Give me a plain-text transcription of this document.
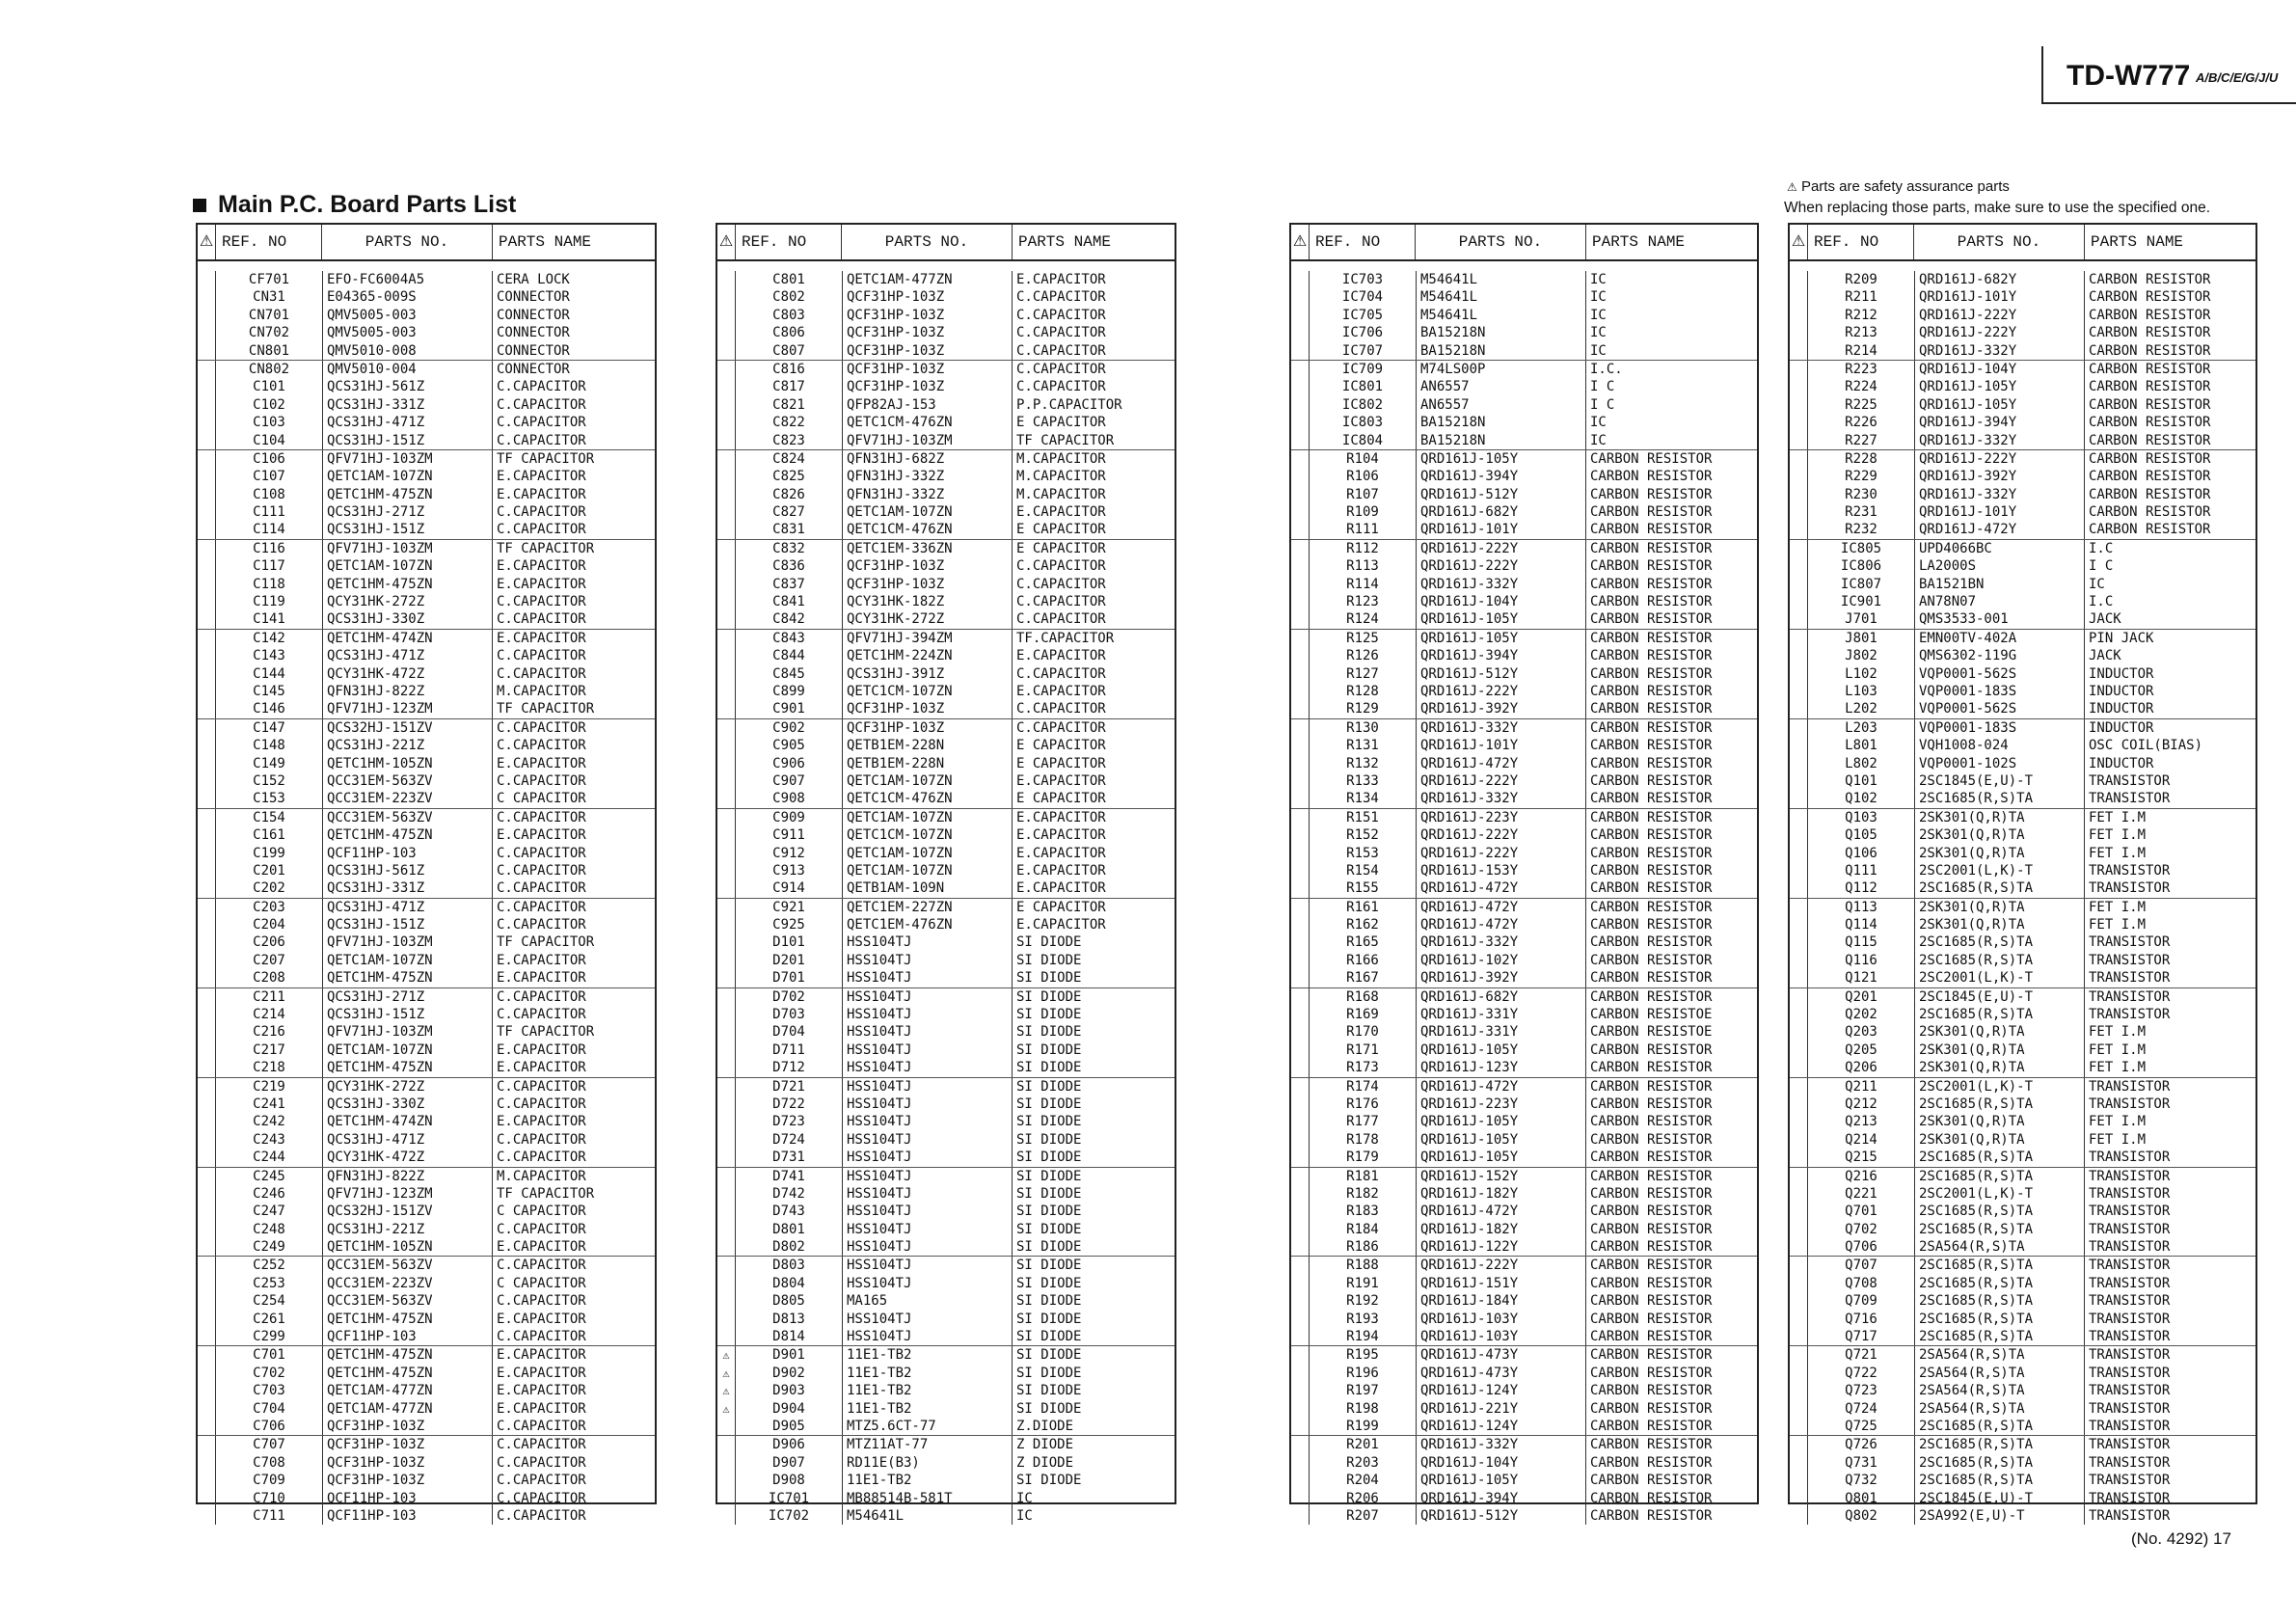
TD-W777 A/B/C/E/G/J/U
Main P.C. Board Parts List
⚠ Parts are safety assurance parts
When replacing those parts, make sure to use the specified one.
⚠ REF. NO	PARTS NO.	PARTS NAME
CF701	EFO-FC6004A5	CERA LOCK
CN31	E04365-009S	CONNECTOR
CN701	QMV5005-003	CONNECTOR
CN702	QMV5005-003	CONNECTOR
CN801	QMV5010-008	CONNECTOR
CN802	QMV5010-004	CONNECTOR
C101	QCS31HJ-561Z	C.CAPACITOR
C102	QCS31HJ-331Z	C.CAPACITOR
C103	QCS31HJ-471Z	C.CAPACITOR
C104	QCS31HJ-151Z	C.CAPACITOR
C106	QFV71HJ-103ZM	TF CAPACITOR
C107	QETC1AM-107ZN	E.CAPACITOR
C108	QETC1HM-475ZN	E.CAPACITOR
C111	QCS31HJ-271Z	C.CAPACITOR
C114	QCS31HJ-151Z	C.CAPACITOR
C116	QFV71HJ-103ZM	TF CAPACITOR
C117	QETC1AM-107ZN	E.CAPACITOR
C118	QETC1HM-475ZN	E.CAPACITOR
C119	QCY31HK-272Z	C.CAPACITOR
C141	QCS31HJ-330Z	C.CAPACITOR
C142	QETC1HM-474ZN	E.CAPACITOR
C143	QCS31HJ-471Z	C.CAPACITOR
C144	QCY31HK-472Z	C.CAPACITOR
C145	QFN31HJ-822Z	M.CAPACITOR
C146	QFV71HJ-123ZM	TF CAPACITOR
C147	QCS32HJ-151ZV	C.CAPACITOR
C148	QCS31HJ-221Z	C.CAPACITOR
C149	QETC1HM-105ZN	E.CAPACITOR
C152	QCC31EM-563ZV	C.CAPACITOR
C153	QCC31EM-223ZV	C CAPACITOR
C154	QCC31EM-563ZV	C.CAPACITOR
C161	QETC1HM-475ZN	E.CAPACITOR
C199	QCF11HP-103	C.CAPACITOR
C201	QCS31HJ-561Z	C.CAPACITOR
C202	QCS31HJ-331Z	C.CAPACITOR
C203	QCS31HJ-471Z	C.CAPACITOR
C204	QCS31HJ-151Z	C.CAPACITOR
C206	QFV71HJ-103ZM	TF CAPACITOR
C207	QETC1AM-107ZN	E.CAPACITOR
C208	QETC1HM-475ZN	E.CAPACITOR
C211	QCS31HJ-271Z	C.CAPACITOR
C214	QCS31HJ-151Z	C.CAPACITOR
C216	QFV71HJ-103ZM	TF CAPACITOR
C217	QETC1AM-107ZN	E.CAPACITOR
C218	QETC1HM-475ZN	E.CAPACITOR
C219	QCY31HK-272Z	C.CAPACITOR
C241	QCS31HJ-330Z	C.CAPACITOR
C242	QETC1HM-474ZN	E.CAPACITOR
C243	QCS31HJ-471Z	C.CAPACITOR
C244	QCY31HK-472Z	C.CAPACITOR
C245	QFN31HJ-822Z	M.CAPACITOR
C246	QFV71HJ-123ZM	TF CAPACITOR
C247	QCS32HJ-151ZV	C CAPACITOR
C248	QCS31HJ-221Z	C.CAPACITOR
C249	QETC1HM-105ZN	E.CAPACITOR
C252	QCC31EM-563ZV	C.CAPACITOR
C253	QCC31EM-223ZV	C CAPACITOR
C254	QCC31EM-563ZV	C.CAPACITOR
C261	QETC1HM-475ZN	E.CAPACITOR
C299	QCF11HP-103	C.CAPACITOR
C701	QETC1HM-475ZN	E.CAPACITOR
C702	QETC1HM-475ZN	E.CAPACITOR
C703	QETC1AM-477ZN	E.CAPACITOR
C704	QETC1AM-477ZN	E.CAPACITOR
C706	QCF31HP-103Z	C.CAPACITOR
C707	QCF31HP-103Z	C.CAPACITOR
C708	QCF31HP-103Z	C.CAPACITOR
C709	QCF31HP-103Z	C.CAPACITOR
C710	QCF11HP-103	C.CAPACITOR
C711	QCF11HP-103	C.CAPACITOR
⚠ REF. NO	PARTS NO.	PARTS NAME
C801	QETC1AM-477ZN	E.CAPACITOR
C802	QCF31HP-103Z	C.CAPACITOR
C803	QCF31HP-103Z	C.CAPACITOR
C806	QCF31HP-103Z	C.CAPACITOR
C807	QCF31HP-103Z	C.CAPACITOR
C816	QCF31HP-103Z	C.CAPACITOR
C817	QCF31HP-103Z	C.CAPACITOR
C821	QFP82AJ-153	P.P.CAPACITOR
C822	QETC1CM-476ZN	E CAPACITOR
C823	QFV71HJ-103ZM	TF CAPACITOR
C824	QFN31HJ-682Z	M.CAPACITOR
C825	QFN31HJ-332Z	M.CAPACITOR
C826	QFN31HJ-332Z	M.CAPACITOR
C827	QETC1AM-107ZN	E.CAPACITOR
C831	QETC1CM-476ZN	E CAPACITOR
C832	QETC1EM-336ZN	E CAPACITOR
C836	QCF31HP-103Z	C.CAPACITOR
C837	QCF31HP-103Z	C.CAPACITOR
C841	QCY31HK-182Z	C.CAPACITOR
C842	QCY31HK-272Z	C.CAPACITOR
C843	QFV71HJ-394ZM	TF.CAPACITOR
C844	QETC1HM-224ZN	E.CAPACITOR
C845	QCS31HJ-391Z	C.CAPACITOR
C899	QETC1CM-107ZN	E.CAPACITOR
C901	QCF31HP-103Z	C.CAPACITOR
C902	QCF31HP-103Z	C.CAPACITOR
C905	QETB1EM-228N	E CAPACITOR
C906	QETB1EM-228N	E CAPACITOR
C907	QETC1AM-107ZN	E.CAPACITOR
C908	QETC1CM-476ZN	E CAPACITOR
C909	QETC1AM-107ZN	E.CAPACITOR
C911	QETC1CM-107ZN	E.CAPACITOR
C912	QETC1AM-107ZN	E.CAPACITOR
C913	QETC1AM-107ZN	E.CAPACITOR
C914	QETB1AM-109N	E.CAPACITOR
C921	QETC1EM-227ZN	E CAPACITOR
C925	QETC1EM-476ZN	E.CAPACITOR
D101	HSS104TJ	SI DIODE
D201	HSS104TJ	SI DIODE
D701	HSS104TJ	SI DIODE
D702	HSS104TJ	SI DIODE
D703	HSS104TJ	SI DIODE
D704	HSS104TJ	SI DIODE
D711	HSS104TJ	SI DIODE
D712	HSS104TJ	SI DIODE
D721	HSS104TJ	SI DIODE
D722	HSS104TJ	SI DIODE
D723	HSS104TJ	SI DIODE
D724	HSS104TJ	SI DIODE
D731	HSS104TJ	SI DIODE
D741	HSS104TJ	SI DIODE
D742	HSS104TJ	SI DIODE
D743	HSS104TJ	SI DIODE
D801	HSS104TJ	SI DIODE
D802	HSS104TJ	SI DIODE
D803	HSS104TJ	SI DIODE
D804	HSS104TJ	SI DIODE
D805	MA165	SI DIODE
D813	HSS104TJ	SI DIODE
D814	HSS104TJ	SI DIODE
⚠	D901	11E1-TB2	SI DIODE
⚠	D902	11E1-TB2	SI DIODE
⚠	D903	11E1-TB2	SI DIODE
⚠	D904	11E1-TB2	SI DIODE
D905	MTZ5.6CT-77	Z.DIODE
D906	MTZ11AT-77	Z DIODE
D907	RD11E(B3)	Z DIODE
D908	11E1-TB2	SI DIODE
IC701	MB88514B-581T	IC
IC702	M54641L	IC
⚠ REF. NO	PARTS NO.	PARTS NAME
IC703	M54641L	IC
IC704	M54641L	IC
IC705	M54641L	IC
IC706	BA15218N	IC
IC707	BA15218N	IC
IC709	M74LS00P	I.C.
IC801	AN6557	I C
IC802	AN6557	I C
IC803	BA15218N	IC
IC804	BA15218N	IC
R104	QRD161J-105Y	CARBON RESISTOR
R106	QRD161J-394Y	CARBON RESISTOR
R107	QRD161J-512Y	CARBON RESISTOR
R109	QRD161J-682Y	CARBON RESISTOR
R111	QRD161J-101Y	CARBON RESISTOR
R112	QRD161J-222Y	CARBON RESISTOR
R113	QRD161J-222Y	CARBON RESISTOR
R114	QRD161J-332Y	CARBON RESISTOR
R123	QRD161J-104Y	CARBON RESISTOR
R124	QRD161J-105Y	CARBON RESISTOR
R125	QRD161J-105Y	CARBON RESISTOR
R126	QRD161J-394Y	CARBON RESISTOR
R127	QRD161J-512Y	CARBON RESISTOR
R128	QRD161J-222Y	CARBON RESISTOR
R129	QRD161J-392Y	CARBON RESISTOR
R130	QRD161J-332Y	CARBON RESISTOR
R131	QRD161J-101Y	CARBON RESISTOR
R132	QRD161J-472Y	CARBON RESISTOR
R133	QRD161J-222Y	CARBON RESISTOR
R134	QRD161J-332Y	CARBON RESISTOR
R151	QRD161J-223Y	CARBON RESISTOR
R152	QRD161J-222Y	CARBON RESISTOR
R153	QRD161J-222Y	CARBON RESISTOR
R154	QRD161J-153Y	CARBON RESISTOR
R155	QRD161J-472Y	CARBON RESISTOR
R161	QRD161J-472Y	CARBON RESISTOR
R162	QRD161J-472Y	CARBON RESISTOR
R165	QRD161J-332Y	CARBON RESISTOR
R166	QRD161J-102Y	CARBON RESISTOR
R167	QRD161J-392Y	CARBON RESISTOR
R168	QRD161J-682Y	CARBON RESISTOR
R169	QRD161J-331Y	CARBON RESISTOE
R170	QRD161J-331Y	CARBON RESISTOE
R171	QRD161J-105Y	CARBON RESISTOR
R173	QRD161J-123Y	CARBON RESISTOR
R174	QRD161J-472Y	CARBON RESISTOR
R176	QRD161J-223Y	CARBON RESISTOR
R177	QRD161J-105Y	CARBON RESISTOR
R178	QRD161J-105Y	CARBON RESISTOR
R179	QRD161J-105Y	CARBON RESISTOR
R181	QRD161J-152Y	CARBON RESISTOR
R182	QRD161J-182Y	CARBON RESISTOR
R183	QRD161J-472Y	CARBON RESISTOR
R184	QRD161J-182Y	CARBON RESISTOR
R186	QRD161J-122Y	CARBON RESISTOR
R188	QRD161J-222Y	CARBON RESISTOR
R191	QRD161J-151Y	CARBON RESISTOR
R192	QRD161J-184Y	CARBON RESISTOR
R193	QRD161J-103Y	CARBON RESISTOR
R194	QRD161J-103Y	CARBON RESISTOR
R195	QRD161J-473Y	CARBON RESISTOR
R196	QRD161J-473Y	CARBON RESISTOR
R197	QRD161J-124Y	CARBON RESISTOR
R198	QRD161J-221Y	CARBON RESISTOR
R199	QRD161J-124Y	CARBON RESISTOR
R201	QRD161J-332Y	CARBON RESISTOR
R203	QRD161J-104Y	CARBON RESISTOR
R204	QRD161J-105Y	CARBON RESISTOR
R206	QRD161J-394Y	CARBON RESISTOR
R207	QRD161J-512Y	CARBON RESISTOR
⚠ REF. NO	PARTS NO.	PARTS NAME
R209	QRD161J-682Y	CARBON RESISTOR
R211	QRD161J-101Y	CARBON RESISTOR
R212	QRD161J-222Y	CARBON RESISTOR
R213	QRD161J-222Y	CARBON RESISTOR
R214	QRD161J-332Y	CARBON RESISTOR
R223	QRD161J-104Y	CARBON RESISTOR
R224	QRD161J-105Y	CARBON RESISTOR
R225	QRD161J-105Y	CARBON RESISTOR
R226	QRD161J-394Y	CARBON RESISTOR
R227	QRD161J-332Y	CARBON RESISTOR
R228	QRD161J-222Y	CARBON RESISTOR
R229	QRD161J-392Y	CARBON RESISTOR
R230	QRD161J-332Y	CARBON RESISTOR
R231	QRD161J-101Y	CARBON RESISTOR
R232	QRD161J-472Y	CARBON RESISTOR
IC805	UPD4066BC	I.C
IC806	LA2000S	I C
IC807	BA1521BN	IC
IC901	AN78N07	I.C
J701	QMS3533-001	JACK
J801	EMN00TV-402A	PIN JACK
J802	QMS6302-119G	JACK
L102	VQP0001-562S	INDUCTOR
L103	VQP0001-183S	INDUCTOR
L202	VQP0001-562S	INDUCTOR
L203	VQP0001-183S	INDUCTOR
L801	VQH1008-024	OSC COIL(BIAS)
L802	VQP0001-102S	INDUCTOR
Q101	2SC1845(E,U)-T	TRANSISTOR
Q102	2SC1685(R,S)TA	TRANSISTOR
Q103	2SK301(Q,R)TA	FET I.M
Q105	2SK301(Q,R)TA	FET I.M
Q106	2SK301(Q,R)TA	FET I.M
Q111	2SC2001(L,K)-T	TRANSISTOR
Q112	2SC1685(R,S)TA	TRANSISTOR
Q113	2SK301(Q,R)TA	FET I.M
Q114	2SK301(Q,R)TA	FET I.M
Q115	2SC1685(R,S)TA	TRANSISTOR
Q116	2SC1685(R,S)TA	TRANSISTOR
Q121	2SC2001(L,K)-T	TRANSISTOR
Q201	2SC1845(E,U)-T	TRANSISTOR
Q202	2SC1685(R,S)TA	TRANSISTOR
Q203	2SK301(Q,R)TA	FET I.M
Q205	2SK301(Q,R)TA	FET I.M
Q206	2SK301(Q,R)TA	FET I.M
Q211	2SC2001(L,K)-T	TRANSISTOR
Q212	2SC1685(R,S)TA	TRANSISTOR
Q213	2SK301(Q,R)TA	FET I.M
Q214	2SK301(Q,R)TA	FET I.M
Q215	2SC1685(R,S)TA	TRANSISTOR
Q216	2SC1685(R,S)TA	TRANSISTOR
Q221	2SC2001(L,K)-T	TRANSISTOR
Q701	2SC1685(R,S)TA	TRANSISTOR
Q702	2SC1685(R,S)TA	TRANSISTOR
Q706	2SA564(R,S)TA	TRANSISTOR
Q707	2SC1685(R,S)TA	TRANSISTOR
Q708	2SC1685(R,S)TA	TRANSISTOR
Q709	2SC1685(R,S)TA	TRANSISTOR
Q716	2SC1685(R,S)TA	TRANSISTOR
Q717	2SC1685(R,S)TA	TRANSISTOR
Q721	2SA564(R,S)TA	TRANSISTOR
Q722	2SA564(R,S)TA	TRANSISTOR
Q723	2SA564(R,S)TA	TRANSISTOR
Q724	2SA564(R,S)TA	TRANSISTOR
Q725	2SC1685(R,S)TA	TRANSISTOR
Q726	2SC1685(R,S)TA	TRANSISTOR
Q731	2SC1685(R,S)TA	TRANSISTOR
Q732	2SC1685(R,S)TA	TRANSISTOR
Q801	2SC1845(E,U)-T	TRANSISTOR
Q802	2SA992(E,U)-T	TRANSISTOR
(No. 4292) 17
